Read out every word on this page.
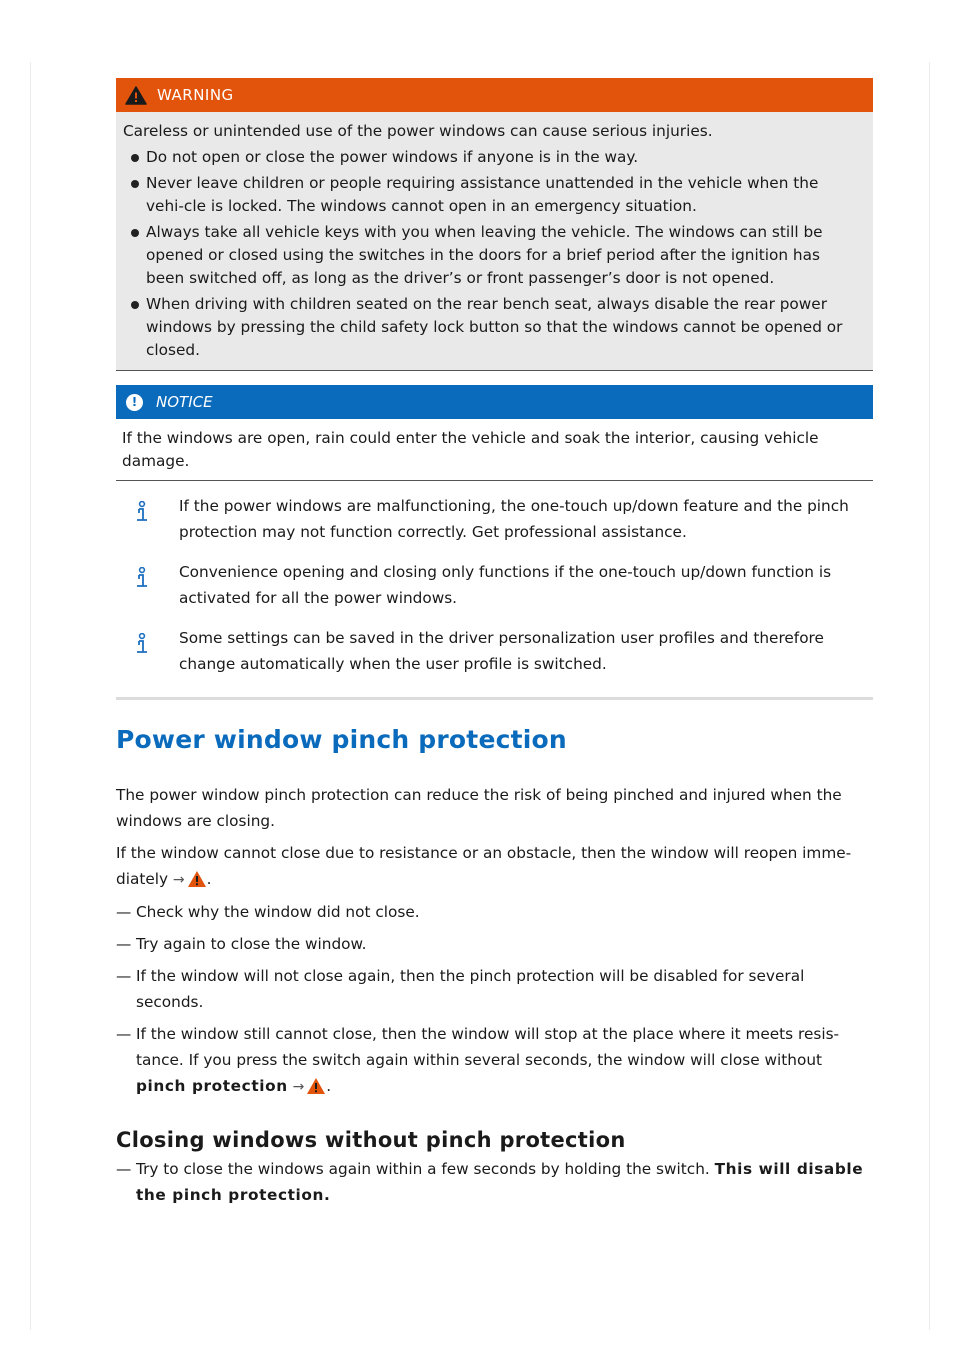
WARNING
Careless or unintended use of the power windows can cause serious injuries.
Do not open or close the power windows if anyone is in the way.
Never leave children or people requiring assistance unattended in the vehicle when the vehi-cle is locked. The windows cannot open in an emergency situation.
Always take all vehicle keys with you when leaving the vehicle. The windows can still be opened or closed using the switches in the doors for a brief period after the ignition has been switched off, as long as the driver’s or front passenger’s door is not opened.
When driving with children seated on the rear bench seat, always disable the rear power windows by pressing the child safety lock button so that the windows cannot be opened or closed.
!	NOTICE
If the windows are open, rain could enter the vehicle and soak the interior, causing vehicle damage.
If the power windows are malfunctioning, the one-touch up/down feature and the pinch protection may not function correctly. Get professional assistance.
Convenience opening and closing only functions if the one-touch up/down function is activated for all the power windows.
Some settings can be saved in the driver personalization user profiles and therefore change automatically when the user profile is switched.
Power window pinch protection
The power window pinch protection can reduce the risk of being pinched and injured when the windows are closing.
If the window cannot close due to resistance or an obstacle, then the window will reopen imme-diately → .
— Check why the window did not close.
— Try again to close the window.
— If the window will not close again, then the pinch protection will be disabled for several seconds.
— If the window still cannot close, then the window will stop at the place where it meets resis-tance. If you press the switch again within several seconds, the window will close without pinch protection → .
Closing windows without pinch protection
— Try to close the windows again within a few seconds by holding the switch. This will disable the pinch protection.
